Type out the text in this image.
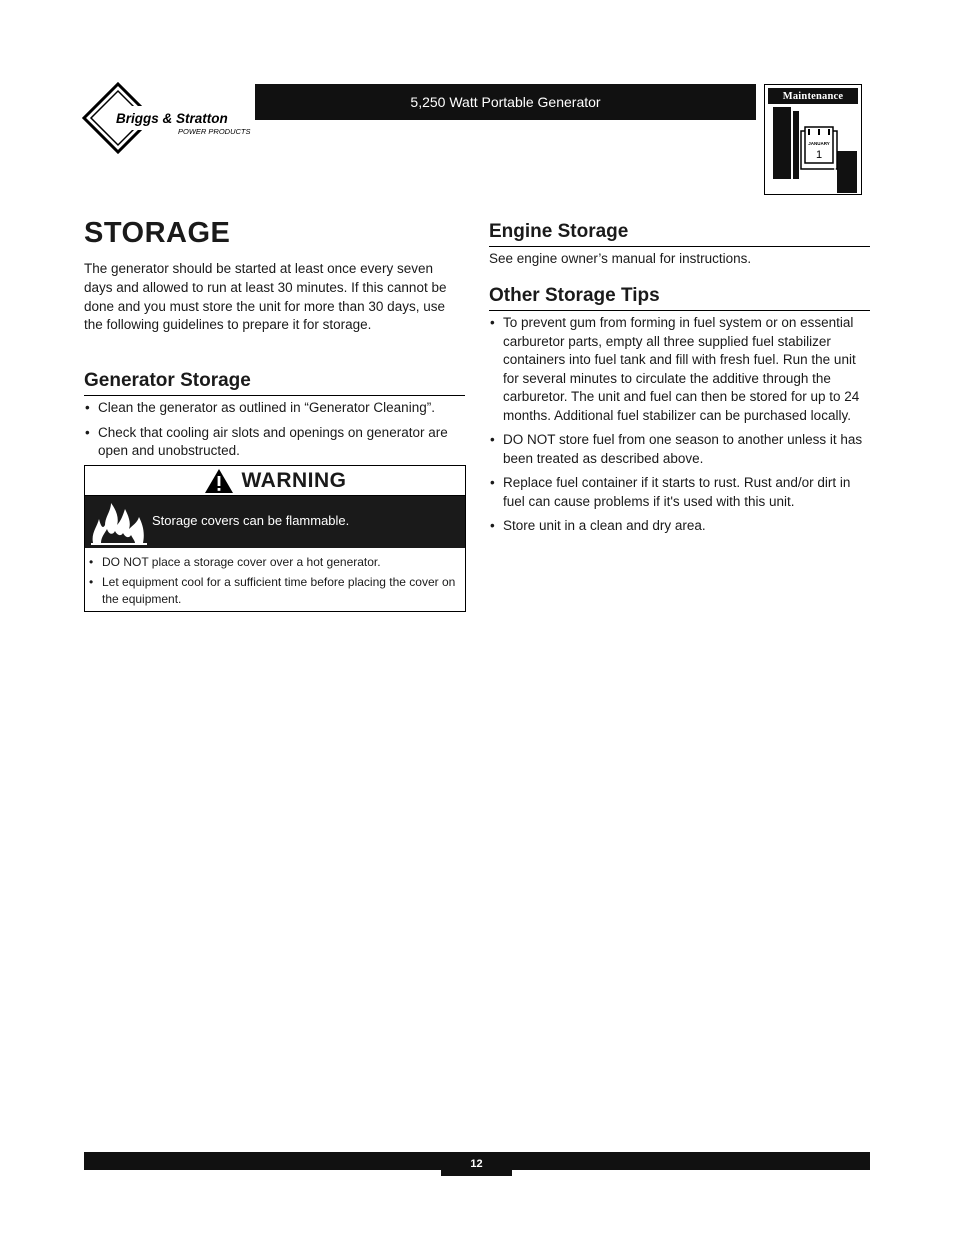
Briggs & Stratton
POWER PRODUCTS
5,250 Watt Portable Generator	Maintenance
JANUARY
1
STORAGE

The generator should be started at least once every seven days and allowed to run at least 30 minutes. If this cannot be done and you must store the unit for more than 30 days, use the following guidelines to prepare it for storage.

Generator Storage
• Clean the generator as outlined in “Generator Cleaning”.
• Check that cooling air slots and openings on generator are open and unobstructed.
WARNING
Storage covers can be flammable.
• DO NOT place a storage cover over a hot generator.
• Let equipment cool for a sufficient time before placing the cover on the equipment.
Engine Storage

See engine owner’s manual for instructions.

Other Storage Tips
• To prevent gum from forming in fuel system or on essential carburetor parts, empty all three supplied fuel stabilizer containers into fuel tank and fill with fresh fuel. Run the unit for several minutes to circulate the additive through the carburetor. The unit and fuel can then be stored for up to 24 months. Additional fuel stabilizer can be purchased locally.
• DO NOT store fuel from one season to another unless it has been treated as described above.
• Replace fuel container if it starts to rust. Rust and/or dirt in fuel can cause problems if it's used with this unit.
• Store unit in a clean and dry area.
12
